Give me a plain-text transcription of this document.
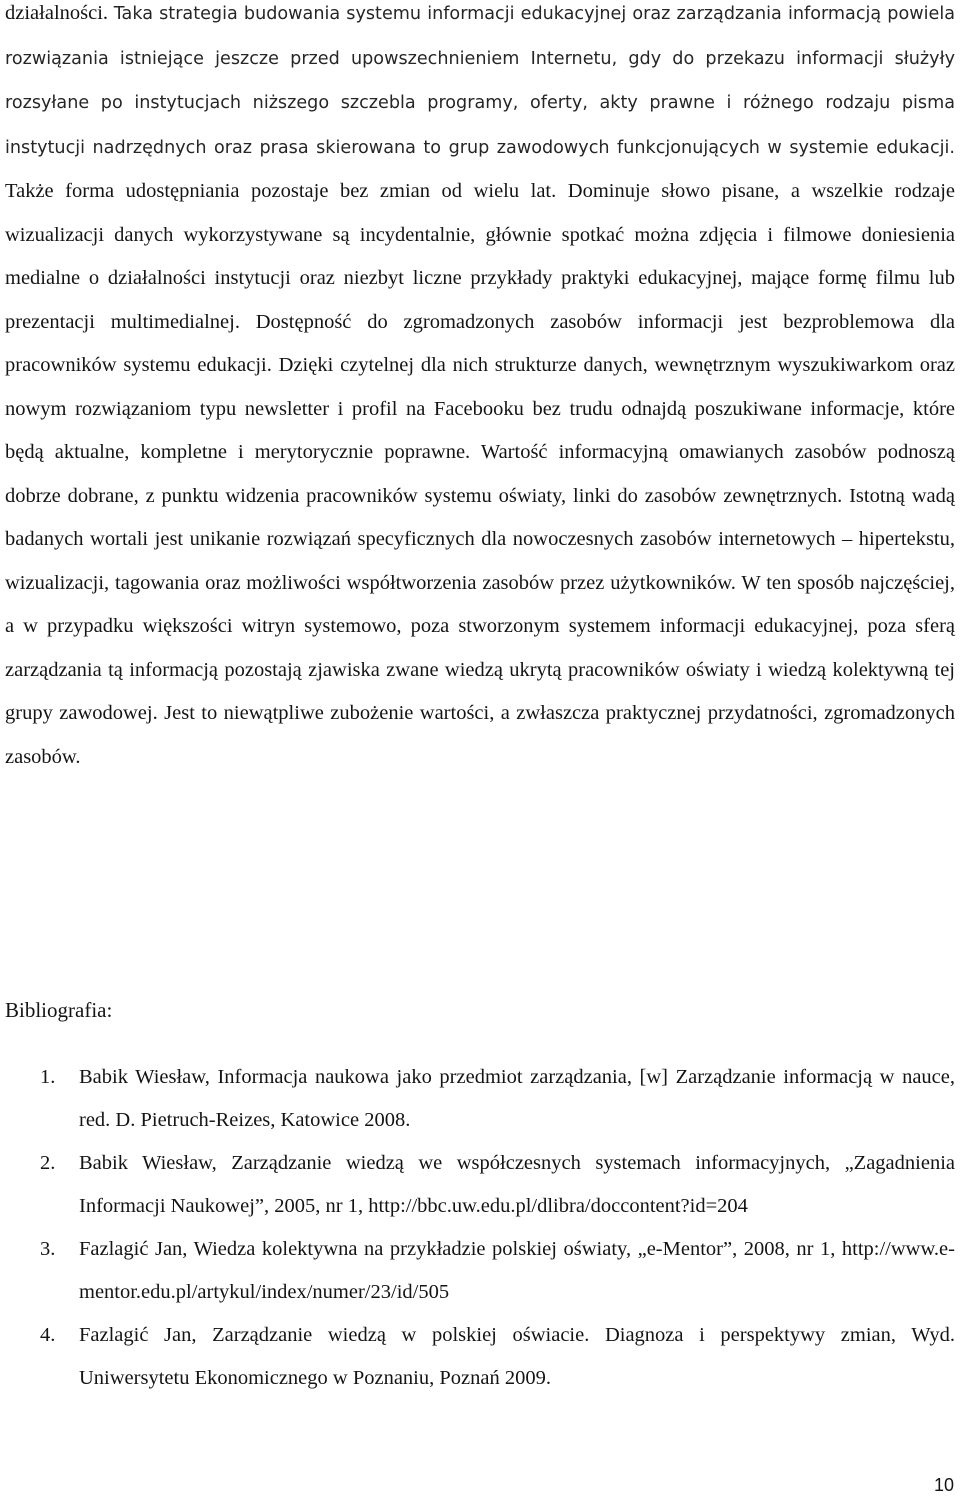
działalności. Taka strategia budowania systemu informacji edukacyjnej oraz zarządzania informacją powiela rozwiązania istniejące jeszcze przed upowszechnieniem Internetu, gdy do przekazu informacji służyły rozsyłane po instytucjach niższego szczebla programy, oferty, akty prawne i różnego rodzaju pisma instytucji nadrzędnych oraz prasa skierowana to grup zawodowych funkcjonujących w systemie edukacji. Także forma udostępniania pozostaje bez zmian od wielu lat. Dominuje słowo pisane, a wszelkie rodzaje wizualizacji danych wykorzystywane są incydentalnie, głównie spotkać można zdjęcia i filmowe doniesienia medialne o działalności instytucji oraz niezbyt liczne przykłady praktyki edukacyjnej, mające formę filmu lub prezentacji multimedialnej. Dostępność do zgromadzonych zasobów informacji jest bezproblemowa dla pracowników systemu edukacji. Dzięki czytelnej dla nich strukturze danych, wewnętrznym wyszukiwarkom oraz nowym rozwiązaniom typu newsletter i profil na Facebooku bez trudu odnajdą poszukiwane informacje, które będą aktualne, kompletne i merytorycznie poprawne. Wartość informacyjną omawianych zasobów podnoszą dobrze dobrane, z punktu widzenia pracowników systemu oświaty, linki do zasobów zewnętrznych. Istotną wadą badanych wortali jest unikanie rozwiązań specyficznych dla nowoczesnych zasobów internetowych – hipertekstu, wizualizacji, tagowania oraz możliwości współtworzenia zasobów przez użytkowników. W ten sposób najczęściej, a w przypadku większości witryn systemowo, poza stworzonym systemem informacji edukacyjnej, poza sferą zarządzania tą informacją pozostają zjawiska zwane wiedzą ukrytą pracowników oświaty i wiedzą kolektywną tej grupy zawodowej. Jest to niewątpliwe zubożenie wartości, a zwłaszcza praktycznej przydatności, zgromadzonych zasobów.

Bibliografia:
1. Babik Wiesław, Informacja naukowa jako przedmiot zarządzania, [w] Zarządzanie informacją w nauce, red. D. Pietruch-Reizes, Katowice 2008.
2. Babik Wiesław, Zarządzanie wiedzą we współczesnych systemach informacyjnych, „Zagadnienia Informacji Naukowej”, 2005, nr 1, http://bbc.uw.edu.pl/dlibra/doccontent?id=204
3. Fazlagić Jan, Wiedza kolektywna na przykładzie polskiej oświaty, „e-Mentor”, 2008, nr 1, http://www.e-mentor.edu.pl/artykul/index/numer/23/id/505
4. Fazlagić Jan, Zarządzanie wiedzą w polskiej oświacie. Diagnoza i perspektywy zmian, Wyd. Uniwersytetu Ekonomicznego w Poznaniu, Poznań 2009.
10
